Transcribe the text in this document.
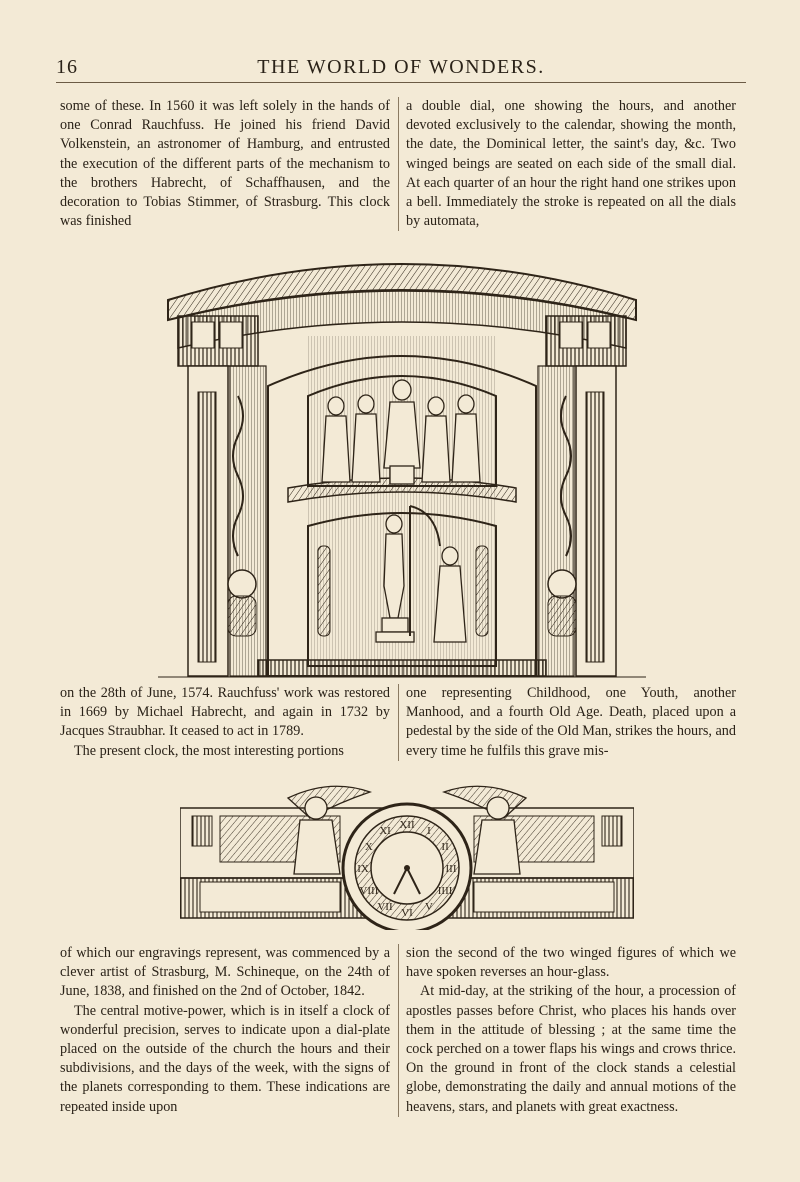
16	THE WORLD OF WONDERS.

some of these. In 1560 it was left solely in the hands of one Conrad Rauchfuss. He joined his friend David Volkenstein, an astronomer of Hamburg, and entrusted the execution of the different parts of the mechanism to the brothers Habrecht, of Schaffhausen, and the decoration to Tobias Stimmer, of Strasburg. This clock was finished

a double dial, one showing the hours, and another devoted exclusively to the calendar, showing the month, the date, the Dominical letter, the saint's day, &c. Two winged beings are seated on each side of the small dial. At each quarter of an hour the right hand one strikes upon a bell. Immediately the stroke is repeated on all the dials by automata,

on the 28th of June, 1574. Rauchfuss' work was restored in 1669 by Michael Habrecht, and again in 1732 by Jacques Straubhar. It ceased to act in 1789.

The present clock, the most interesting portions

one representing Childhood, one Youth, another Manhood, and a fourth Old Age. Death, placed upon a pedestal by the side of the Old Man, strikes the hours, and every time he fulfils this grave mis-

XII I
II
III
IIII
V
VI
VII
VIII
IX
X
XI

of which our engravings represent, was commenced by a clever artist of Strasburg, M. Schineque, on the 24th of June, 1838, and finished on the 2nd of October, 1842.

The central motive-power, which is in itself a clock of wonderful precision, serves to indicate upon a dial-plate placed on the outside of the church the hours and their subdivisions, and the days of the week, with the signs of the planets corresponding to them. These indications are repeated inside upon

sion the second of the two winged figures of which we have spoken reverses an hour-glass.

At mid-day, at the striking of the hour, a procession of apostles passes before Christ, who places his hands over them in the attitude of blessing ; at the same time the cock perched on a tower flaps his wings and crows thrice. On the ground in front of the clock stands a celestial globe, demonstrating the daily and annual motions of the heavens, stars, and planets with great exactness.
